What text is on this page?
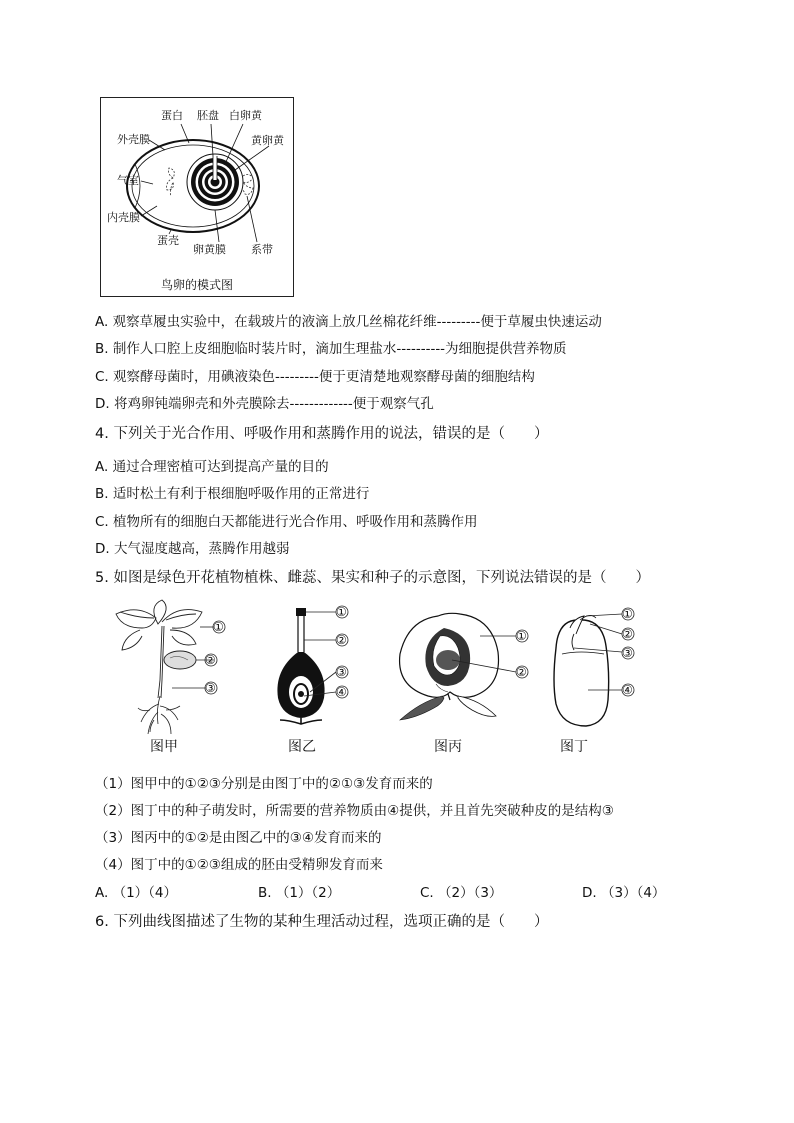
蛋白 胚盘 白卵黄
外壳膜	黄卵黄
气室
内壳膜
蛋壳
卵黄膜 系带
鸟卵的模式图
A. 观察草履虫实验中，在载玻片的液滴上放几丝棉花纤维---------便于草履虫快速运动
B. 制作人口腔上皮细胞临时装片时，滴加生理盐水----------为细胞提供营养物质
C. 观察酵母菌时，用碘液染色---------便于更清楚地观察酵母菌的细胞结构
D. 将鸡卵钝端卵壳和外壳膜除去-------------便于观察气孔
4. 下列关于光合作用、呼吸作用和蒸腾作用的说法，错误的是（　　）
A. 通过合理密植可达到提高产量的目的
B. 适时松土有利于根细胞呼吸作用的正常进行
C. 植物所有的细胞白天都能进行光合作用、呼吸作用和蒸腾作用
D. 大气湿度越高，蒸腾作用越弱
5. 如图是绿色开花植物植株、雌蕊、果实和种子的示意图，下列说法错误的是（　　）
①
②
③
图甲
①
②
③
④
图乙
①
②
图丙
①
②
③
④
图丁
（1）图甲中的①②③分别是由图丁中的②①③发育而来的
（2）图丁中的种子萌发时，所需要的营养物质由④提供，并且首先突破种皮的是结构③
（3）图丙中的①②是由图乙中的③④发育而来的
（4）图丁中的①②③组成的胚由受精卵发育而来
A. （1）（4）	B. （1）（2）	C. （2）（3）	D. （3）（4）
6. 下列曲线图描述了生物的某种生理活动过程，选项正确的是（　　）
